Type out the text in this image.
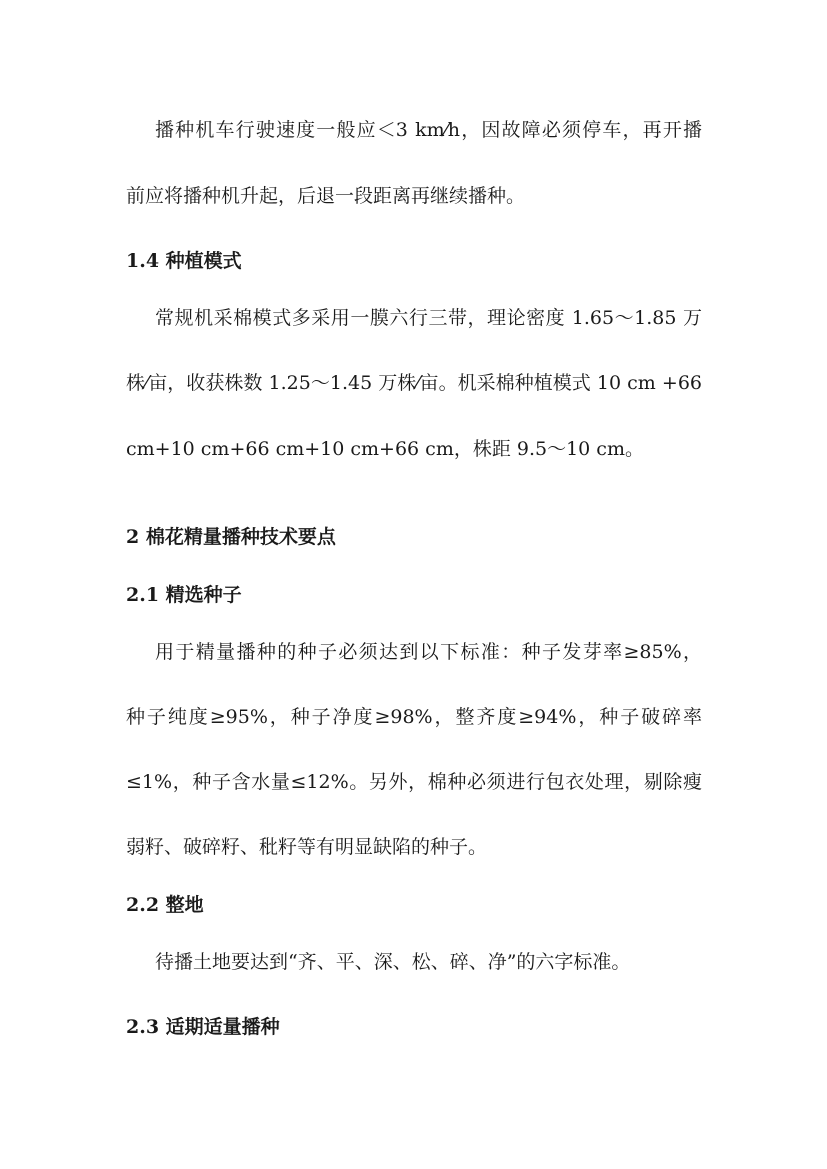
播种机车行驶速度一般应＜3 km⁄h，因故障必须停车，再开播
前应将播种机升起，后退一段距离再继续播种。
1.4 种植模式
常规机采棉模式多采用一膜六行三带，理论密度 1.65～1.85 万
株⁄亩，收获株数 1.25～1.45 万株⁄亩。机采棉种植模式 10 cm +66
cm+10 cm+66 cm+10 cm+66 cm，株距 9.5～10 cm。
2 棉花精量播种技术要点
2.1 精选种子
用于精量播种的种子必须达到以下标准：种子发芽率≥85%，
种子纯度≥95%，种子净度≥98%，整齐度≥94%，种子破碎率
≤1%，种子含水量≤12%。另外，棉种必须进行包衣处理，剔除瘦
弱籽、破碎籽、秕籽等有明显缺陷的种子。
2.2 整地
待播土地要达到“齐、平、深、松、碎、净”的六字标准。
2.3 适期适量播种
